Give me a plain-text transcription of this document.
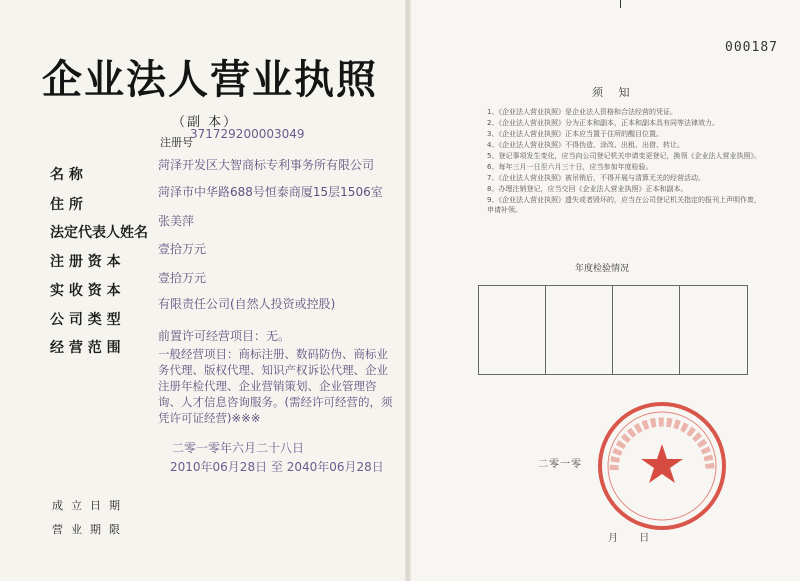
000187
企业法人营业执照
（副 本）
注册号
371729200003049
名 称
菏泽开发区大智商标专利事务所有限公司
住 所
菏泽市中华路688号恒泰商厦15层1506室
法定代表人姓名
张美萍
注 册 资 本
壹拾万元
实 收 资 本
壹拾万元
公 司 类 型
有限责任公司(自然人投资或控股)
经 营 范 围
前置许可经营项目：无。
一般经营项目：商标注册、数码防伪、商标业务代理、版权代理、知识产权诉讼代理、企业注册年检代理、企业营销策划、企业管理咨询、人才信息咨询服务。(需经许可经营的，须凭许可证经营)※※※
二零一零年六月二十八日
2010年06月28日 至 2040年06月28日
成立日期
营业期限
须 知
1、《企业法人营业执照》是企业法人资格和合法经营的凭证。
2、《企业法人营业执照》分为正本和副本，正本和副本具有同等法律效力。
3、《企业法人营业执照》正本应当置于住所的醒目位置。
4、《企业法人营业执照》不得伪造、涂改、出租、出借、转让。
5、登记事项发生变化，应当向公司登记机关申请变更登记，换领《企业法人营业执照》。
6、每年三月一日至六月三十日，应当参加年度检验。
7、《企业法人营业执照》被吊销后，不得开展与清算无关的经营活动。
8、办理注销登记，应当交回《企业法人营业执照》正本和副本。
9、《企业法人营业执照》遗失或者毁坏的，应当在公司登记机关指定的报刊上声明作废，申请补领。
年度检验情况
二零一零
月 日
